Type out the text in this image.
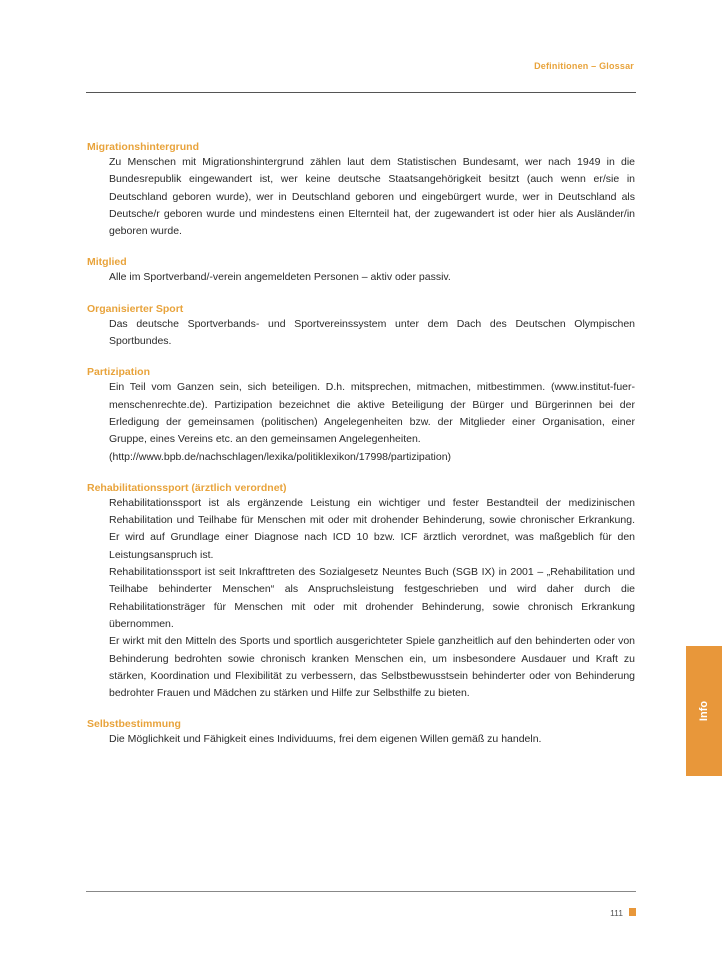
Definitionen – Glossar
Migrationshintergrund

Zu Menschen mit Migrationshintergrund zählen laut dem Statistischen Bundesamt, wer nach 1949 in die Bundesrepublik eingewandert ist, wer keine deutsche Staatsangehörigkeit besitzt (auch wenn er/sie in Deutschland geboren wurde), wer in Deutschland geboren und eingebürgert wurde, wer in Deutschland als Deutsche/r geboren wurde und mindestens einen Elternteil hat, der zugewandert ist oder hier als Ausländer/in geboren wurde.

Mitglied

Alle im Sportverband/-verein angemeldeten Personen – aktiv oder passiv.

Organisierter Sport

Das deutsche Sportverbands- und Sportvereinssystem unter dem Dach des Deutschen Olympischen Sportbundes.

Partizipation

Ein Teil vom Ganzen sein, sich beteiligen. D.h. mitsprechen, mitmachen, mitbestimmen. (www.institut-fuer-menschenrechte.de). Partizipation bezeichnet die aktive Beteiligung der Bürger und Bürgerinnen bei der Erledigung der gemeinsamen (politischen) Angelegenheiten bzw. der Mitglieder einer Organisation, einer Gruppe, eines Vereins etc. an den gemeinsamen Angelegenheiten.

(http://www.bpb.de/nachschlagen/lexika/politiklexikon/17998/partizipation)

Rehabilitationssport (ärztlich verordnet)

Rehabilitationssport ist als ergänzende Leistung ein wichtiger und fester Bestandteil der medizinischen Rehabilitation und Teilhabe für Menschen mit oder mit drohender Behinderung, sowie chronischer Erkrankung. Er wird auf Grundlage einer Diagnose nach ICD 10 bzw. ICF ärztlich verordnet, was maßgeblich für den Leistungsanspruch ist.

Rehabilitationssport ist seit Inkrafttreten des Sozialgesetz Neuntes Buch (SGB IX) in 2001 – „Rehabilitation und Teilhabe behinderter Menschen“ als Anspruchsleistung festgeschrieben und wird daher durch die Rehabilitationsträger für Menschen mit oder mit drohender Behinderung, sowie chronisch Erkrankung übernommen.

Er wirkt mit den Mitteln des Sports und sportlich ausgerichteter Spiele ganzheitlich auf den behinderten oder von Behinderung bedrohten sowie chronisch kranken Menschen ein, um insbesondere Ausdauer und Kraft zu stärken, Koordination und Flexibilität zu verbessern, das Selbstbewusstsein behinderter oder von Behinderung bedrohter Frauen und Mädchen zu stärken und Hilfe zur Selbsthilfe zu bieten.

Selbstbestimmung

Die Möglichkeit und Fähigkeit eines Individuums, frei dem eigenen Willen gemäß zu handeln.

Info
111
